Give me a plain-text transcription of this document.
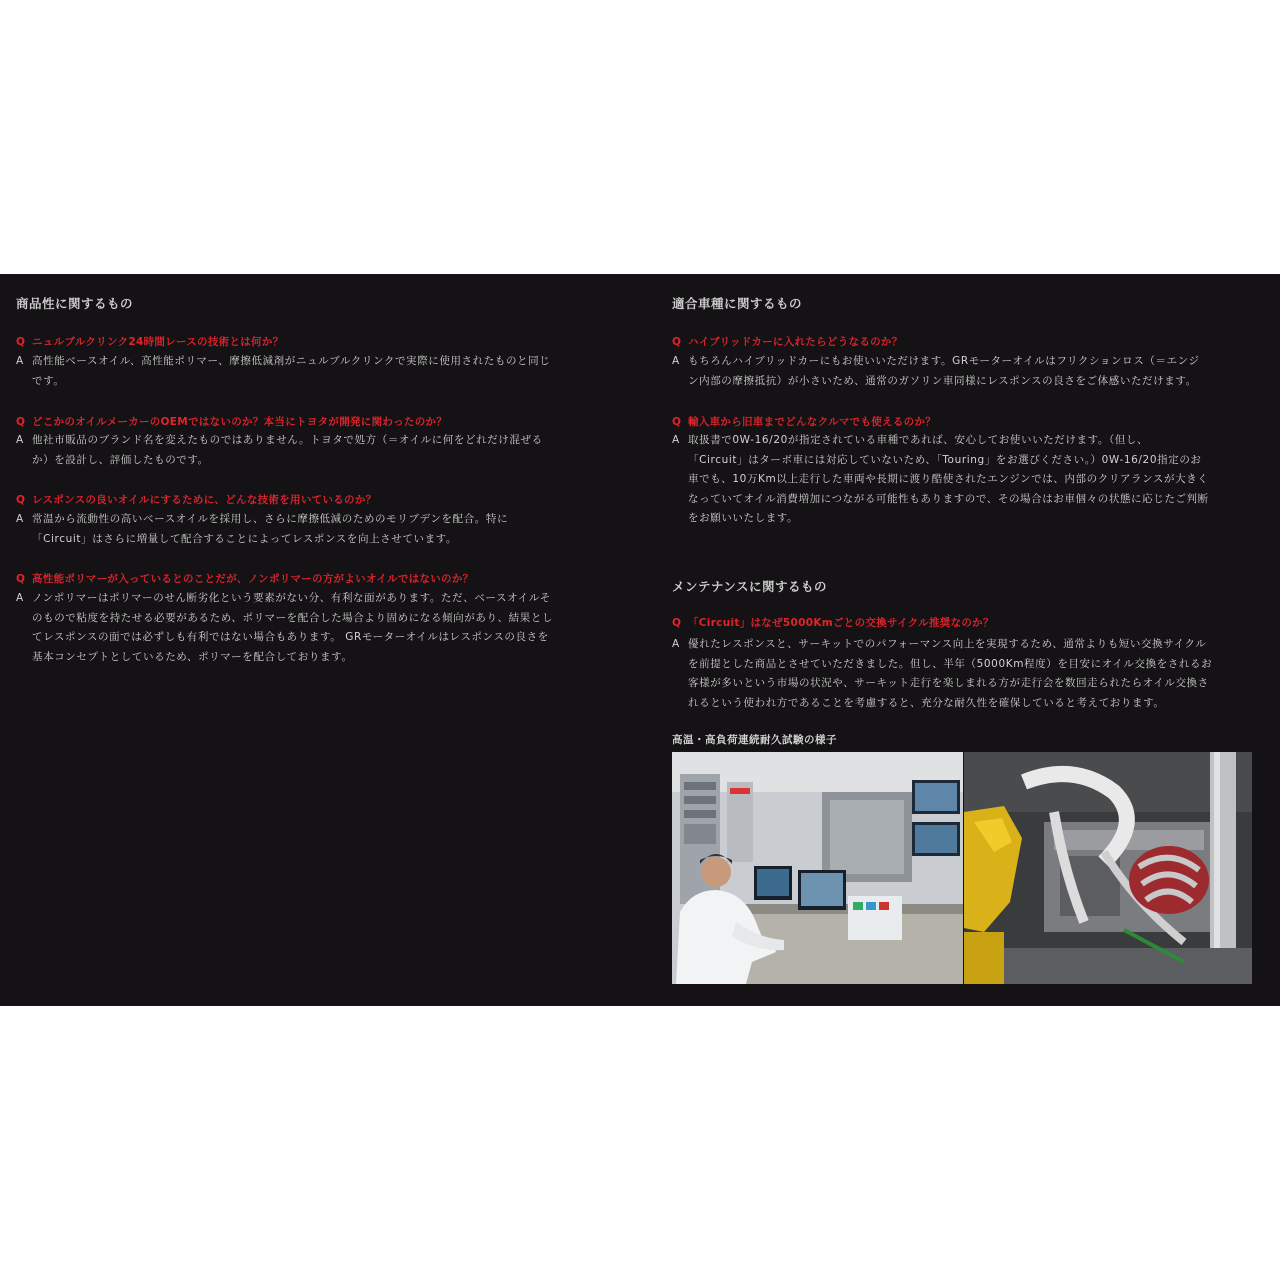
商品性に関するもの
Q ニュルブルクリンク24時間レースの技術とは何か？
A 高性能ベースオイル、高性能ポリマー、摩擦低減剤がニュルブルクリンクで実際に使用されたものと同じ
です。
Q どこかのオイルメーカーのOEMではないのか？本当にトヨタが開発に関わったのか？
A 他社市販品のブランド名を変えたものではありません。トヨタで処方（＝オイルに何をどれだけ混ぜる
か）を設計し、評価したものです。
Q レスポンスの良いオイルにするために、どんな技術を用いているのか？
A 常温から流動性の高いベースオイルを採用し、さらに摩擦低減のためのモリブデンを配合。特に
「Circuit」はさらに増量して配合することによってレスポンスを向上させています。
Q 高性能ポリマーが入っているとのことだが、ノンポリマーの方がよいオイルではないのか？
A ノンポリマーはポリマーのせん断劣化という要素がない分、有利な面があります。ただ、ベースオイルそ
のもので粘度を持たせる必要があるため、ポリマーを配合した場合より固めになる傾向があり、結果とし
てレスポンスの面では必ずしも有利ではない場合もあります。 GRモーターオイルはレスポンスの良さを
基本コンセプトとしているため、ポリマーを配合しております。
適合車種に関するもの
Q ハイブリッドカーに入れたらどうなるのか？
A もちろんハイブリッドカーにもお使いいただけます。GRモーターオイルはフリクションロス（＝エンジ
ン内部の摩擦抵抗）が小さいため、通常のガソリン車同様にレスポンスの良さをご体感いただけます。
Q 輸入車から旧車までどんなクルマでも使えるのか？
A 取扱書で0W-16/20が指定されている車種であれば、安心してお使いいただけます。（但し、
「Circuit」はターボ車には対応していないため、「Touring」をお選びください。）0W-16/20指定のお
車でも、10万Km以上走行した車両や長期に渡り酷使されたエンジンでは、内部のクリアランスが大きく
なっていてオイル消費増加につながる可能性もありますので、その場合はお車個々の状態に応じたご判断
をお願いいたします。
メンテナンスに関するもの
Q 「Circuit」はなぜ5000Kmごとの交換サイクル推奨なのか？
A 優れたレスポンスと、サーキットでのパフォーマンス向上を実現するため、通常よりも短い交換サイクル
を前提とした商品とさせていただきました。但し、半年（5000Km程度）を目安にオイル交換をされるお
客様が多いという市場の状況や、サーキット走行を楽しまれる方が走行会を数回走られたらオイル交換さ
れるという使われ方であることを考慮すると、充分な耐久性を確保していると考えております。
高温・高負荷連続耐久試験の様子
